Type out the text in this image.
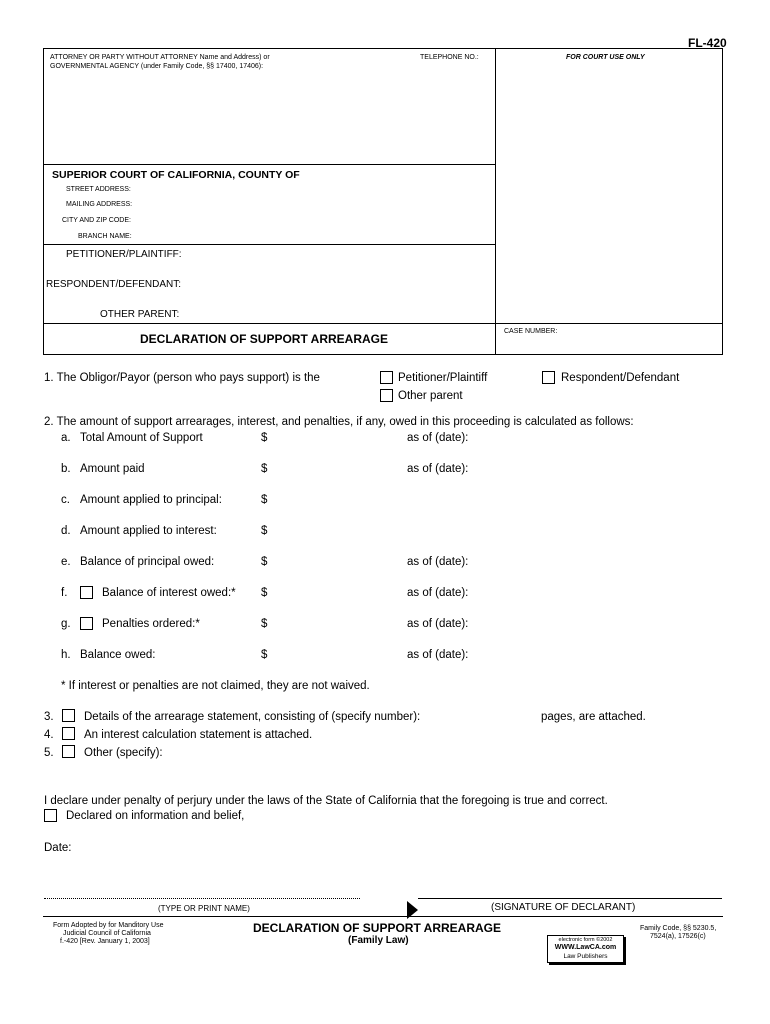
FL-420
ATTORNEY OR PARTY WITHOUT ATTORNEY Name and Address) or
GOVERNMENTAL AGENCY (under Family Code, §§ 17400, 17406):
TELEPHONE NO.:	FOR COURT USE ONLY
SUPERIOR COURT OF CALIFORNIA, COUNTY OF
STREET ADDRESS:
MAILING ADDRESS:
CITY AND ZIP CODE:
BRANCH NAME:
PETITIONER/PLAINTIFF:
RESPONDENT/DEFENDANT:
OTHER PARENT:
DECLARATION OF SUPPORT ARREARAGE
CASE NUMBER:
1. The Obligor/Payor (person who pays support) is the	Petitioner/Plaintiff	Respondent/Defendant
Other parent
2. The amount of support arrearages, interest, and penalties, if any, owed in this proceeding is calculated as follows:
a. Total Amount of Support	$	as of (date):
b. Amount paid	$	as of (date):
c. Amount applied to principal:	$
d. Amount applied to interest:	$
e. Balance of principal owed:	$	as of (date):
f.	Balance of interest owed:* $	as of (date):
g.	Penalties ordered:*	$	as of (date):
h. Balance owed:	$	as of (date):
* If interest or penalties are not claimed, they are not waived.
3.	Details of the arrearage statement, consisting of (specify number):	pages, are attached.
4.	An interest calculation statement is attached.
5.	Other (specify):
I declare under penalty of perjury under the laws of the State of California that the foregoing is true and correct.
Declared on information and belief,
Date:
(TYPE OR PRINT NAME)	(SIGNATURE OF DECLARANT)
Form Adopted by for Manditory Use
Judicial Council of California
f.-420 [Rev. January 1, 2003]
DECLARATION OF SUPPORT ARREARAGE
(Family Law)	electronic form ©2002
WWW.LawCA.com
Law Publishers
Family Code, §§ 5230.5,
7524(a), 17526(c)
